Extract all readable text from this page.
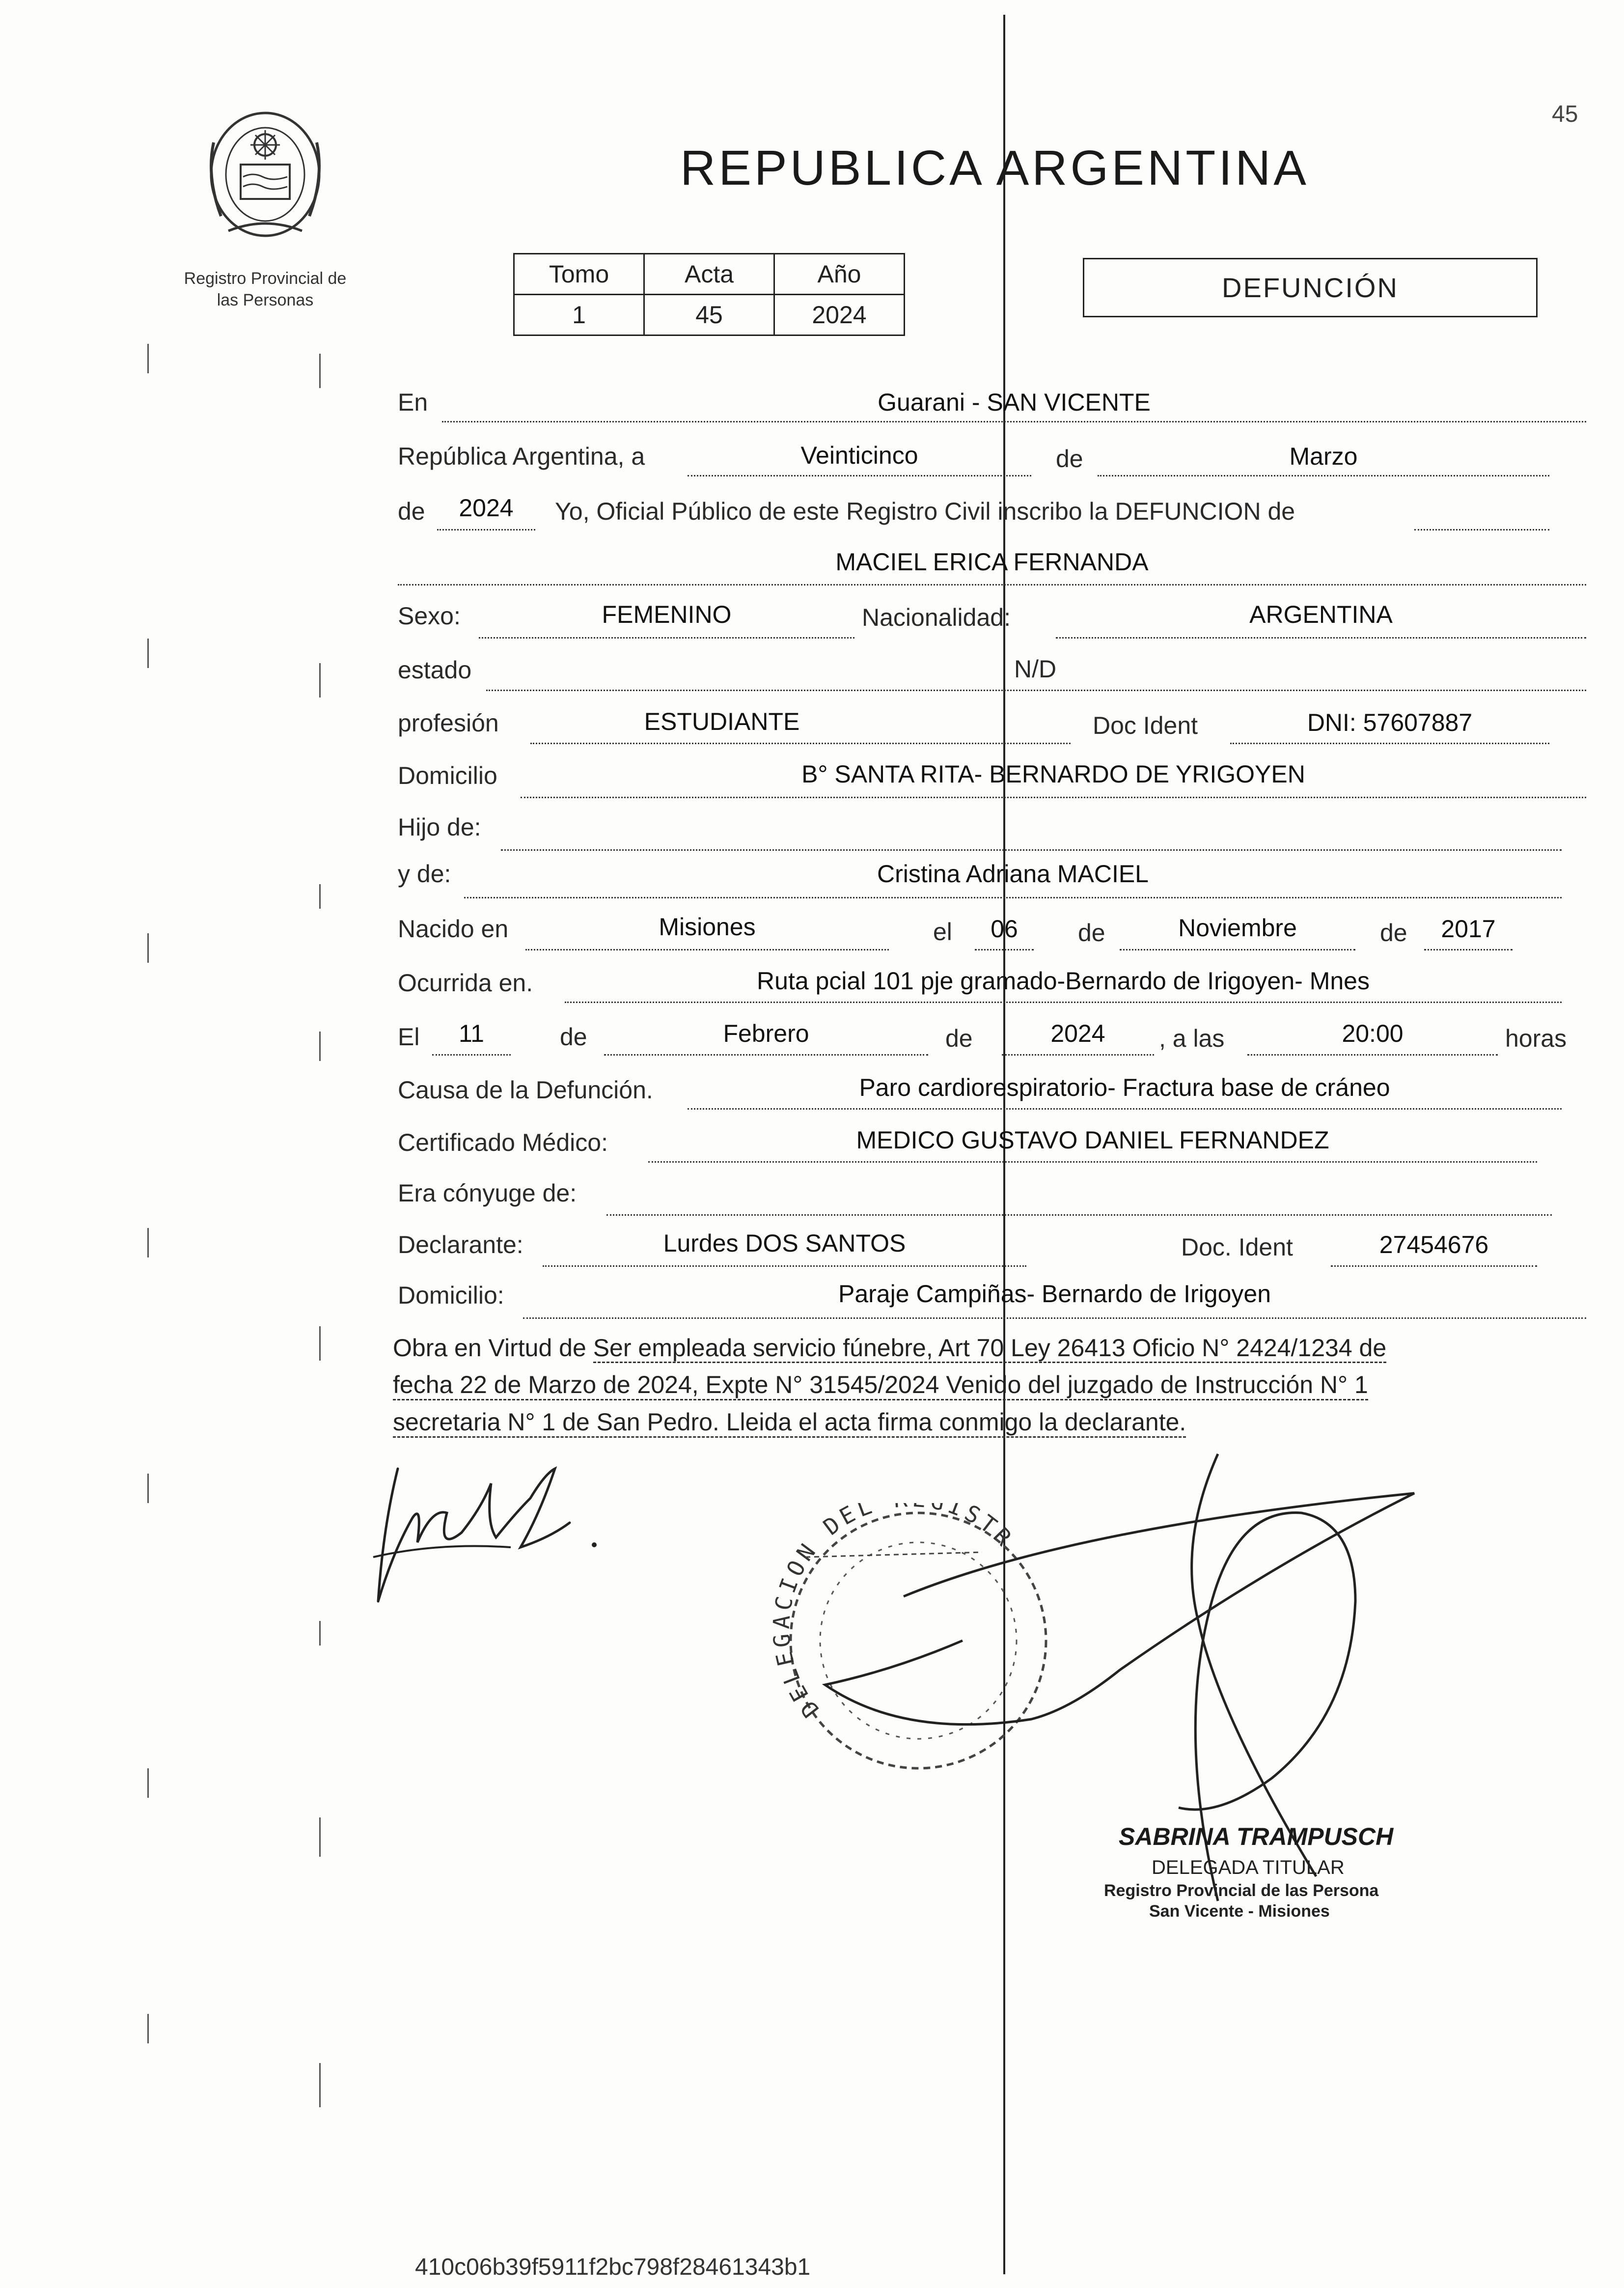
45
Registro Provincial de
las Personas
REPUBLICA ARGENTINA
Tomo	Acta	Año
1	45	2024
DEFUNCIÓN
En	Guarani - SAN VICENTE
República Argentina, a	Veinticinco	de	Marzo
de	2024	Yo, Oficial Público de este Registro Civil inscribo la DEFUNCION de
MACIEL ERICA FERNANDA
Sexo:	FEMENINO	Nacionalidad:	ARGENTINA
estado	N/D
profesión	ESTUDIANTE	Doc Ident	DNI: 57607887
Domicilio	B° SANTA RITA- BERNARDO DE YRIGOYEN
Hijo de:
y de:	Cristina Adriana MACIEL
Nacido en	Misiones	el	06	de	Noviembre	de	2017
Ocurrida en.	Ruta pcial 101 pje gramado-Bernardo de Irigoyen- Mnes
El	11	de	Febrero	de	2024	, a las	20:00	horas
Causa de la Defunción.	Paro cardiorespiratorio- Fractura base de cráneo
Certificado Médico:	MEDICO GUSTAVO DANIEL FERNANDEZ
Era cónyuge de:
Declarante:	Lurdes DOS SANTOS	Doc. Ident	27454676
Domicilio:	Paraje Campiñas- Bernardo de Irigoyen
Obra en Virtud de Ser empleada servicio fúnebre, Art 70 Ley 26413 Oficio N° 2424/1234 de
fecha 22 de Marzo de 2024, Expte N° 31545/2024 Venido del juzgado de Instrucción N° 1
secretaria N° 1 de San Pedro. Lleida el acta firma conmigo la declarante.
DELEGACION DEL ISTR
SABRINA TRAMPUSCH
DELEGADA TITULAR
Registro Provincial de las Persona
San Vicente - Misiones
410c06b39f5911f2bc798f28461343b1
